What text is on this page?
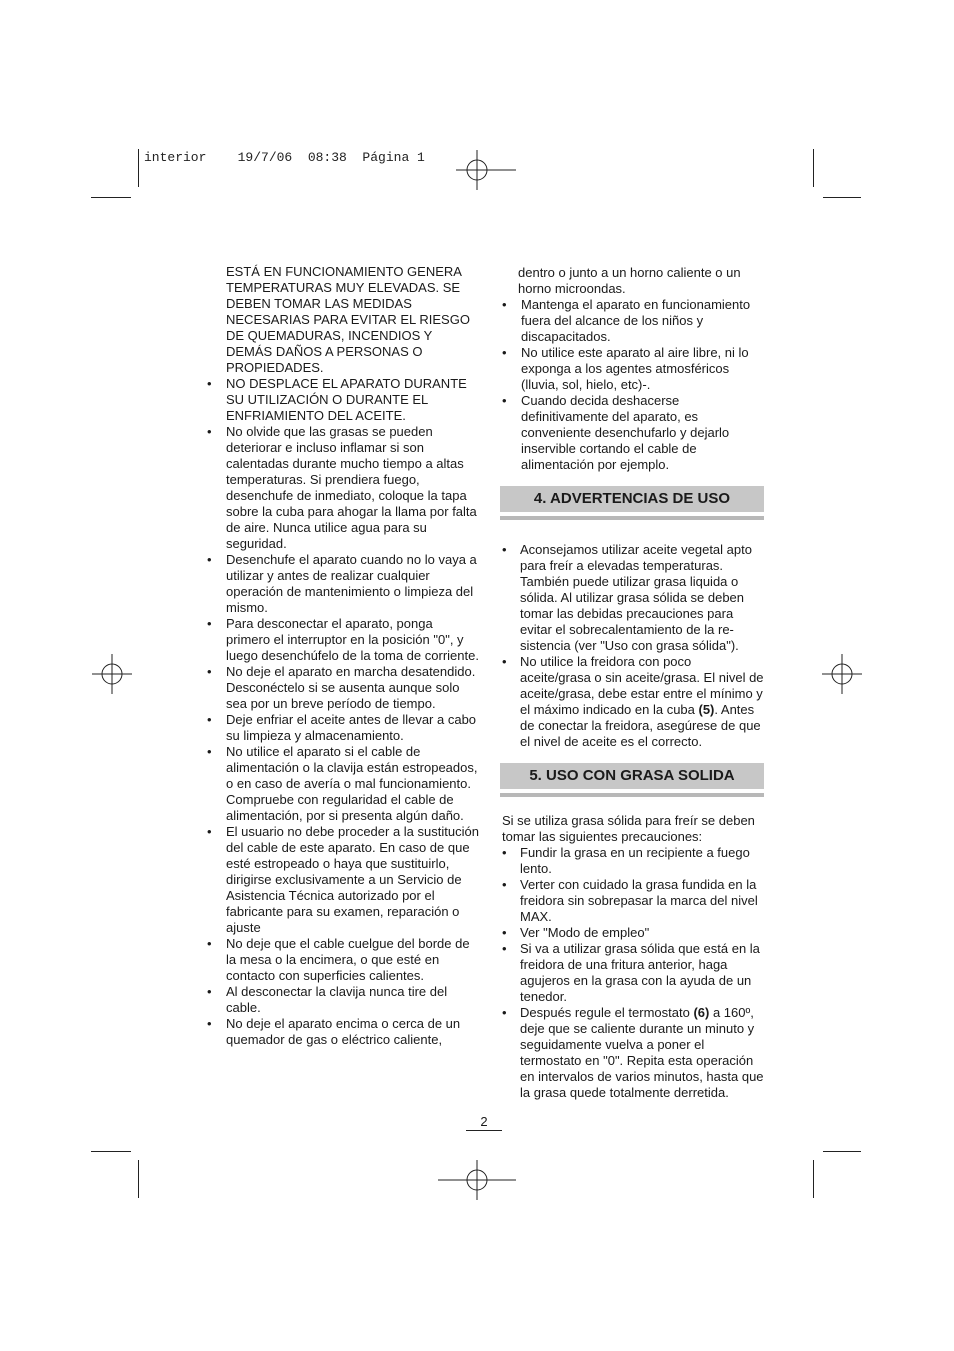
interior    19/7/06  08:38  Página 1

ESTÁ EN FUNCIONAMIENTO GENERA TEMPERATURAS MUY ELEVADAS. SE DEBEN TOMAR LAS MEDIDAS NECESARIAS PARA EVITAR EL RIESGO DE QUEMADURAS, INCENDIOS Y DEMÁS DAÑOS A PERSONAS O PROPIEDADES.

• NO DESPLACE EL APARATO DURANTE SU UTILIZACIÓN O DURANTE EL ENFRIAMIENTO DEL ACEITE.
• No olvide que las grasas se pueden deteriorar e incluso inflamar si son calentadas durante mucho tiempo a altas temperaturas. Si prendiera fuego, desenchufe de inmediato, coloque la tapa sobre la cuba para ahogar la llama por falta de aire. Nunca utilice agua para su seguridad.
• Desenchufe el aparato cuando no lo vaya a utilizar y antes de realizar cualquier operación de mantenimiento o limpieza del mismo.
• Para desconectar el aparato, ponga primero el interruptor en la posición "0", y luego desenchúfelo de la toma de corriente.
• No deje el aparato en marcha desatendido. Desconéctelo si se ausenta aunque solo sea por un breve período de tiempo.
• Deje enfriar el aceite antes de llevar a cabo su limpieza y almacenamiento.
• No utilice el aparato si el cable de alimentación o la clavija están estropeados, o en caso de avería o mal funcionamiento. Compruebe con regularidad el cable de alimentación, por si presenta algún daño.
• El usuario no debe proceder a la sustitución del cable de este aparato. En caso de que esté estropeado o haya que sustituirlo, dirigirse exclusivamente a un Servicio de Asistencia Técnica autorizado por el fabricante para su examen, reparación o ajuste
• No deje que el cable cuelgue del borde de la mesa o la encimera, o que esté en contacto con superficies calientes.
• Al desconectar la clavija nunca tire del cable.
• No deje el aparato encima o cerca de un quemador de gas o eléctrico caliente,

dentro o junto a un horno caliente o un horno microondas.

• Mantenga el aparato en funcionamiento fuera del alcance de los niños y discapacitados.
• No utilice este aparato al aire libre, ni lo exponga a los agentes atmosféricos (lluvia, sol, hielo, etc)-.
• Cuando decida deshacerse definitivamente del aparato, es conveniente desenchufarlo y dejarlo inservible cortando el cable de alimentación por ejemplo.
4. ADVERTENCIAS DE USO
• Aconsejamos utilizar aceite vegetal apto para freír a elevadas temperaturas. También puede utilizar grasa liquida o sólida. Al utilizar grasa sólida se deben tomar las debidas precauciones para evitar el sobrecalentamiento de la re-sistencia (ver "Uso con grasa sólida").
• No utilice la freidora con poco aceite/grasa o sin aceite/grasa. El nivel de aceite/grasa, debe estar entre el mínimo y el máximo indicado en la cuba (5). Antes de conectar la freidora, asegúrese de que el nivel de aceite es el correcto.
5. USO CON GRASA SOLIDA

Si se utiliza grasa sólida para freír se deben tomar las siguientes precauciones:

• Fundir la grasa en un recipiente a fuego lento.
• Verter con cuidado la grasa fundida en la freidora sin sobrepasar la marca del nivel MAX.
• Ver "Modo de empleo"
• Si va a utilizar grasa sólida que está en la freidora de una fritura anterior, haga agujeros en la grasa con la ayuda de un tenedor.
• Después regule el termostato (6) a 160º, deje que se caliente durante un minuto y seguidamente vuelva a poner el termostato en "0". Repita esta operación en intervalos de varios minutos, hasta que la grasa quede totalmente derretida.
2
